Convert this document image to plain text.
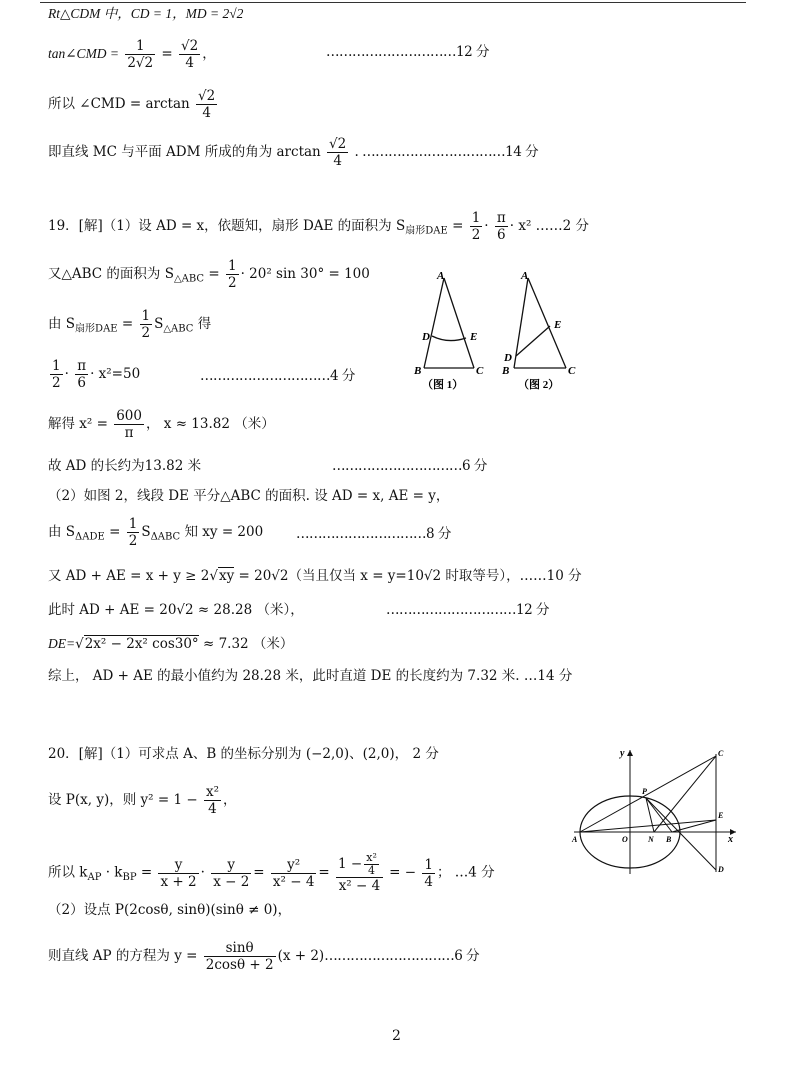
Rt△CDM 中，CD = 1，MD = 2√2
tan∠CMD = $\frac{1}{2√2} = \frac{√2}{4}$ ，	…………………………12 分
所以 ∠CMD = $\arctan \frac{√2}{4}$
即直线 MC 与平面 ADM 所成的角为 $\arctan \frac{√2}{4}$ . ……………………………14 分
19．[解]（1）设 AD = x，依题知，扇形 DAE 的面积为 $S_{扇形DAE} = \frac{1}{2} \cdot \frac{\pi}{6} \cdot x^2$ ……2 分
又△ABC 的面积为 $S_{\triangle ABC} = \frac{1}{2} \cdot 20^2$ sin 30° = 100
由 $S_{扇形DAE} = \frac{1}{2} S_{\triangle ABC}$ 得
$\frac{1}{2} \cdot \frac{\pi}{6} \cdot x^2=50$	…………………………4 分
解得 $x^2 = \frac{600}{\pi}$ ， x ≈ 13.82 （米）
故 AD 的长约为13.82 米	…………………………6 分
（2）如图 2，线段 DE 平分△ABC 的面积. 设 AD = x, AE = y，
由 $S_{\Delta ADE} = \frac{1}{2} S_{\Delta ABC}$ 知 xy = 200 …………………………8 分
又 AD + AE = x + y ≥ 2√xy = 20√2（当且仅当 x = y=10√2 时取等号），……10 分
此时 AD + AE = 20√2 ≈ 28.28 （米），	…………………………12 分
DE=√2x² − 2x² cos30° ≈ 7.32 （米）
综上， AD + AE 的最小值约为 28.28 米，此时直道 DE 的长度约为 7.32 米. …14 分
A
D	E
B	C
（图 1）
A
E
D
B	C
（图 2）
20．[解]（1）可求点 A、B 的坐标分别为 (−2,0)、(2,0)， 2 分
设 P(x, y)，则 $y^2 = 1 - \frac{\text{x²}}{4}$ ，
所以 $k_{AP} \cdot k_{BP} = \frac{y}{x + 2} \cdot \frac{y}{x - 2} = \frac{\text{y²}}{\text{x² − 4}} = \frac{1 - \frac{\text{x²}}{4}}{\text{x² − 4}}$ = − $\frac{1}{4}$ ； …4 分
（2）设点 P(2cosθ, sinθ)(sinθ ≠ 0)，
则直线 AP 的方程为 $y = \frac{\sin\theta}{2\cos\theta + 2} (x$ + 2)…………………………6 分
y
x
A	O	N B
P
C
E
D
2
